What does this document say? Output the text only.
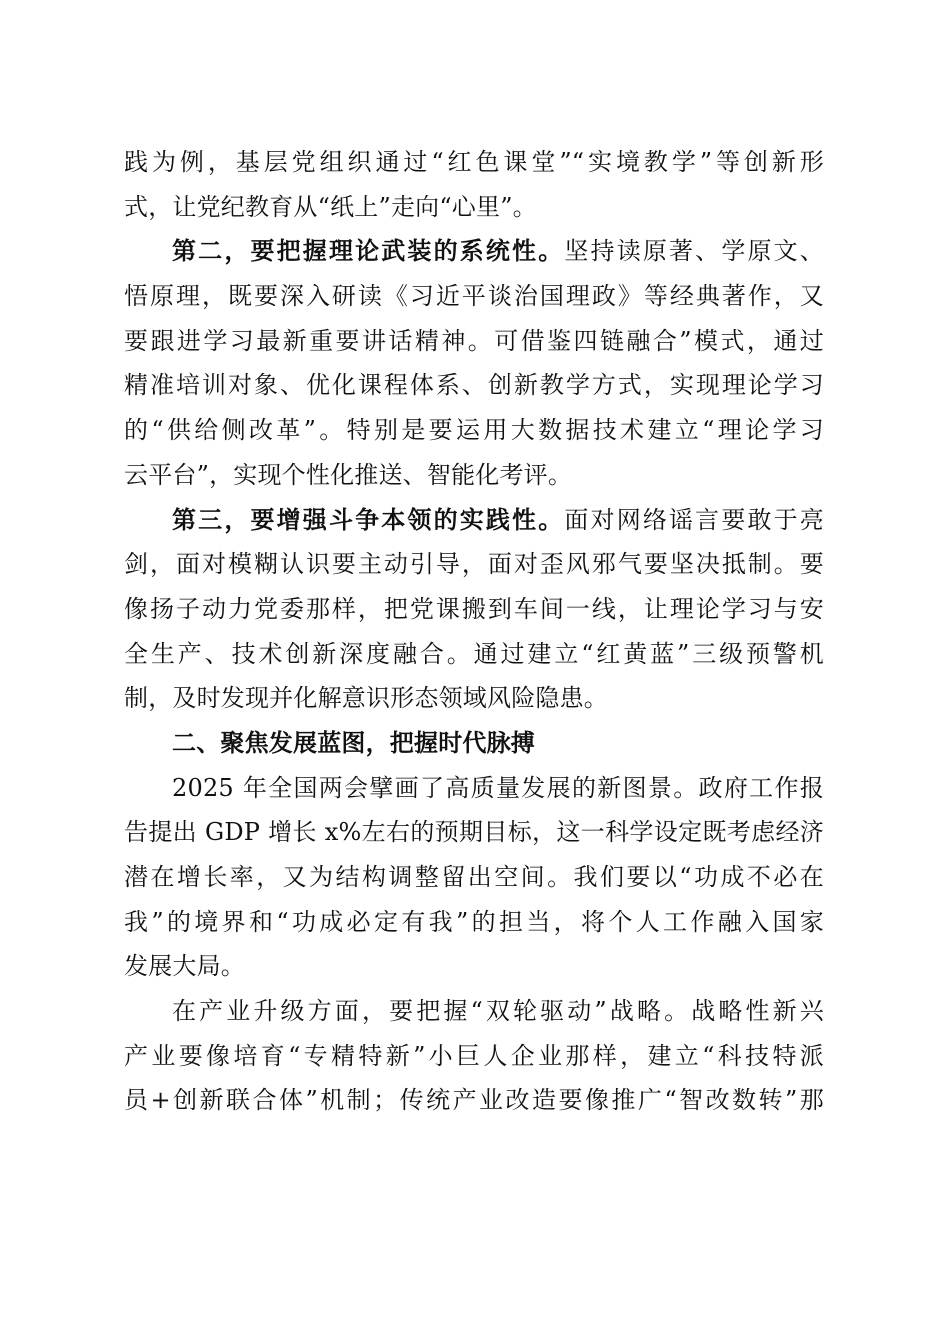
践为例，基层党组织通过“红色课堂”“实境教学”等创新形
式，让党纪教育从“纸上”走向“心里”。
第二，要把握理论武装的系统性。坚持读原著、学原文、
悟原理，既要深入研读《习近平谈治国理政》等经典著作，又
要跟进学习最新重要讲话精神。可借鉴四链融合”模式，通过
精准培训对象、优化课程体系、创新教学方式，实现理论学习
的“供给侧改革”。特别是要运用大数据技术建立“理论学习
云平台”，实现个性化推送、智能化考评。
第三，要增强斗争本领的实践性。面对网络谣言要敢于亮
剑，面对模糊认识要主动引导，面对歪风邪气要坚决抵制。要
像扬子动力党委那样，把党课搬到车间一线，让理论学习与安
全生产、技术创新深度融合。通过建立“红黄蓝”三级预警机
制，及时发现并化解意识形态领域风险隐患。
二、聚焦发展蓝图，把握时代脉搏
2025 年全国两会擘画了高质量发展的新图景。政府工作报
告提出 GDP 增长 x%左右的预期目标，这一科学设定既考虑经济
潜在增长率，又为结构调整留出空间。我们要以“功成不必在
我”的境界和“功成必定有我”的担当，将个人工作融入国家
发展大局。
在产业升级方面，要把握“双轮驱动”战略。战略性新兴
产业要像培育“专精特新”小巨人企业那样，建立“科技特派
员+创新联合体”机制；传统产业改造要像推广“智改数转”那
